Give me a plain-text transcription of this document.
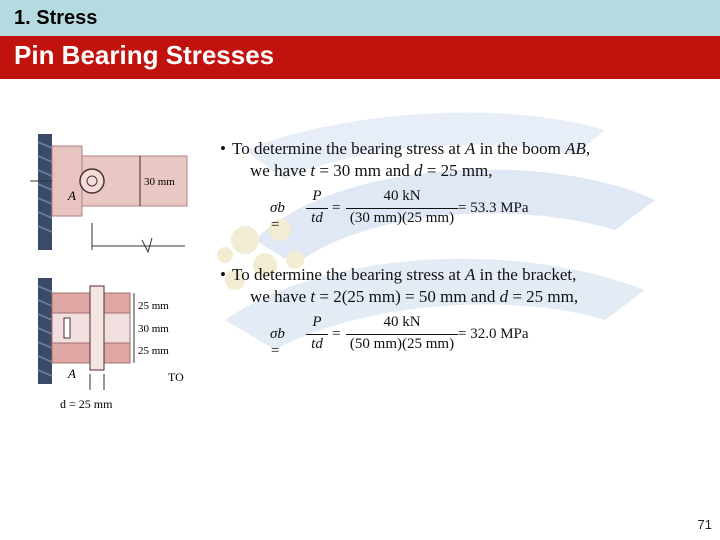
1. Stress
Pin Bearing Stresses
A
30 mm
A
25 mm
30 mm
25 mm
TO
d = 25 mm
• To determine the bearing stress at A in the boom AB,
we have t = 30 mm and d = 25 mm,
σb =
P
td
=
40 kN
(30 mm)(25 mm)
= 53.3 MPa
• To determine the bearing stress at A in the bracket,
we have t = 2(25 mm) = 50 mm and d = 25 mm,
σb =
P
td
=
40 kN
(50 mm)(25 mm)
= 32.0 MPa
71
